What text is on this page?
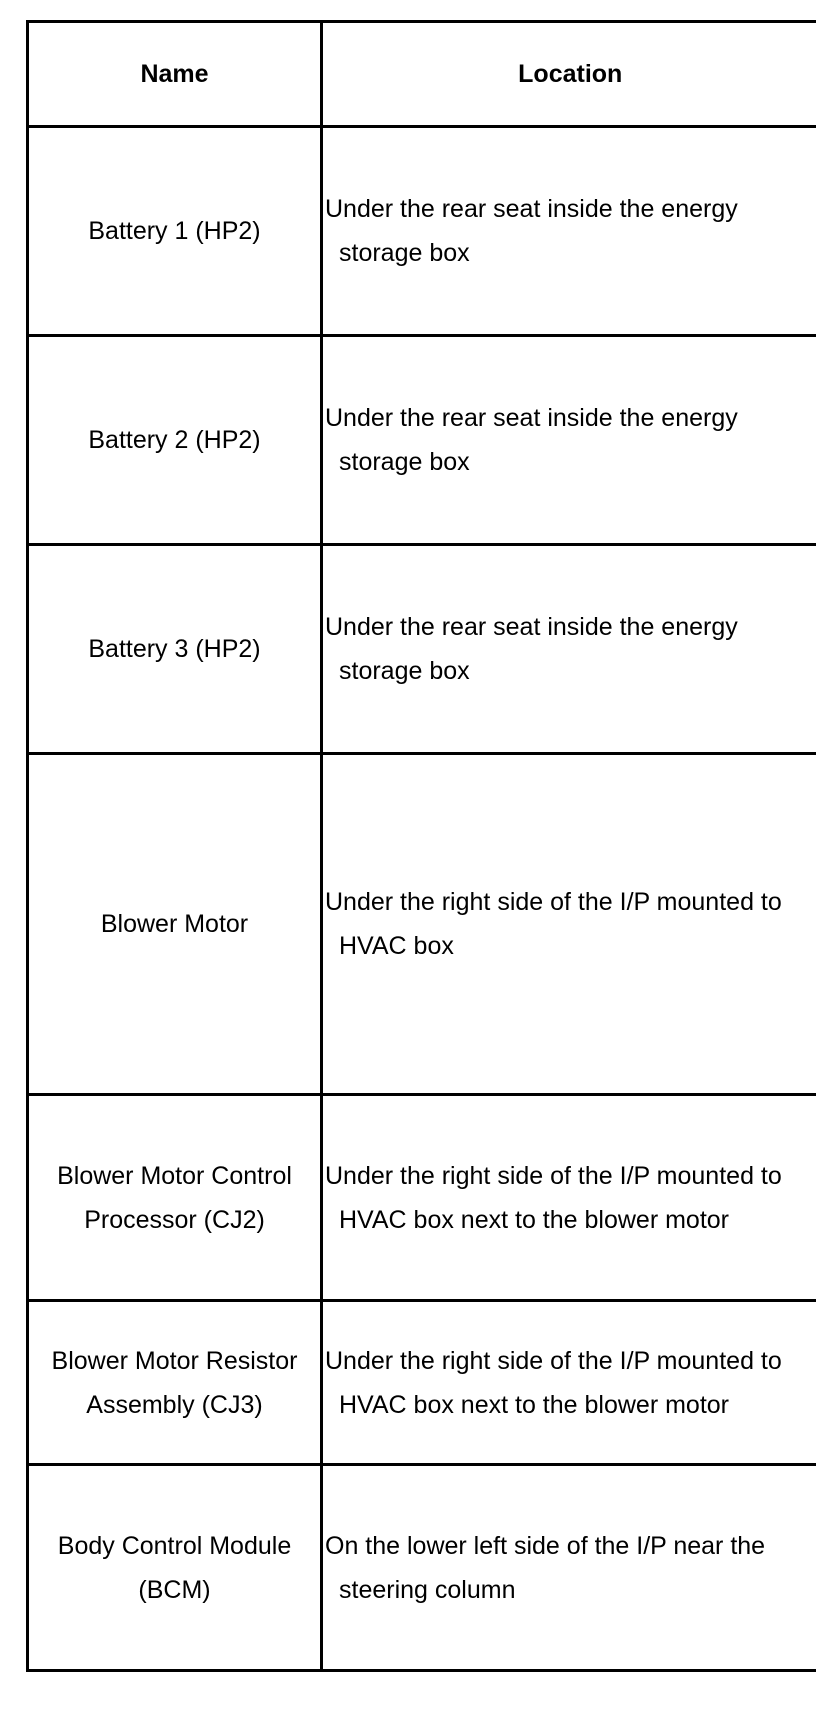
Name	Location

Battery 1 (HP2)	Under the rear seat inside the energy storage box

Battery 2 (HP2)	Under the rear seat inside the energy storage box

Battery 3 (HP2)	Under the rear seat inside the energy storage box

Blower Motor	Under the right side of the I/P mounted to HVAC box

Blower Motor Control Processor (CJ2)	Under the right side of the I/P mounted to HVAC box next to the blower motor

Blower Motor Resistor Assembly (CJ3)	Under the right side of the I/P mounted to HVAC box next to the blower motor

Body Control Module (BCM)	On the lower left side of the I/P near the steering column
